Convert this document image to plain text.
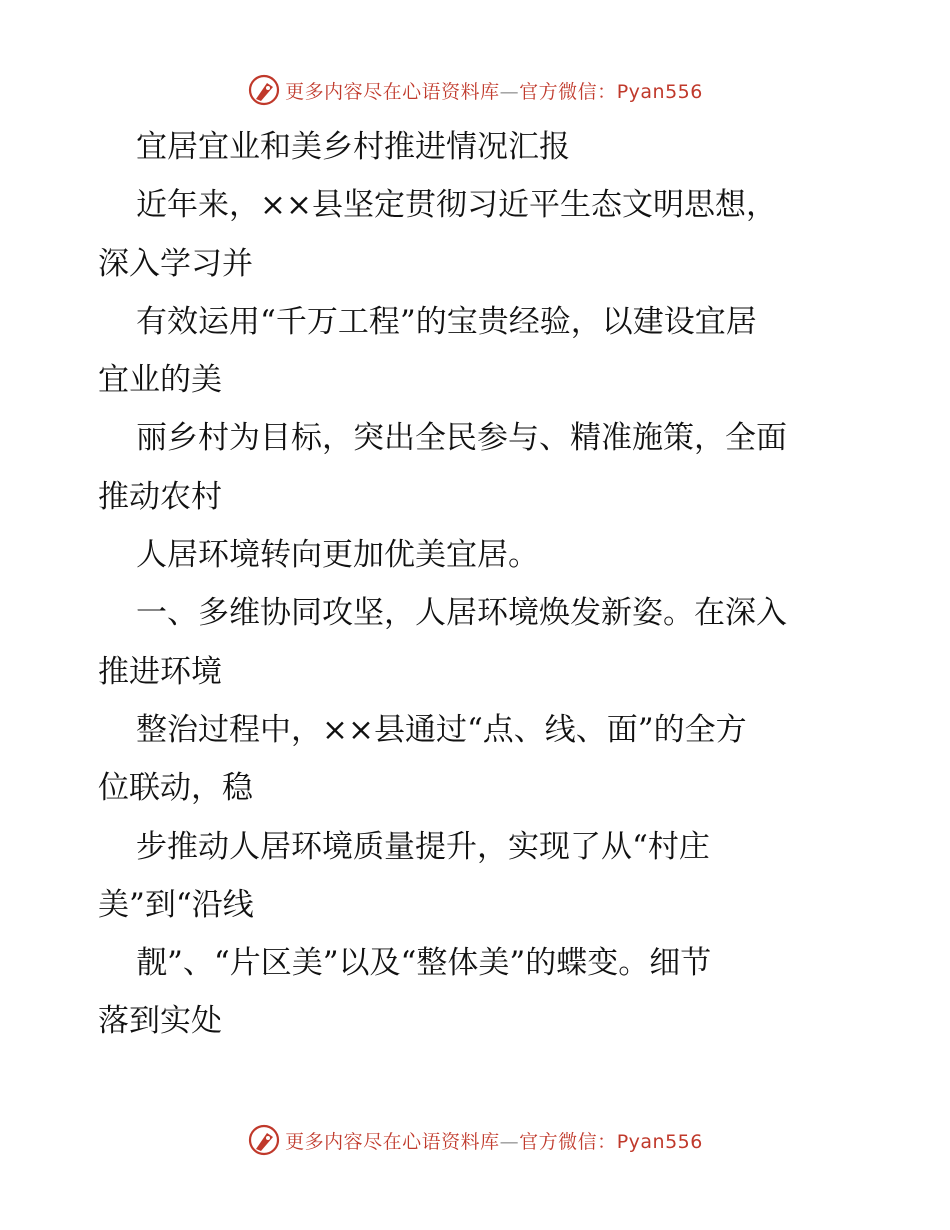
更多内容尽在心语资料库—官方微信：Pyan556
宜居宜业和美乡村推进情况汇报
近年来，××县坚定贯彻习近平生态文明思想，
深入学习并
有效运用“千万工程”的宝贵经验，以建设宜居
宜业的美
丽乡村为目标，突出全民参与、精准施策，全面
推动农村
人居环境转向更加优美宜居。
一、多维协同攻坚，人居环境焕发新姿。在深入
推进环境
整治过程中，××县通过“点、线、面”的全方
位联动，稳
步推动人居环境质量提升，实现了从“村庄
美”到“沿线
靓”、“片区美”以及“整体美”的蝶变。细节
落到实处
更多内容尽在心语资料库—官方微信：Pyan556
